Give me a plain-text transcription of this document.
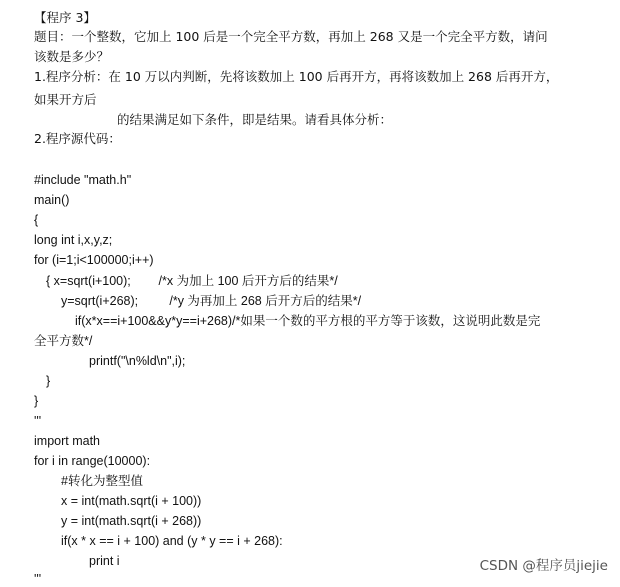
【程序 3】
题目：一个整数，它加上 100 后是一个完全平方数，再加上 268 又是一个完全平方数，请问
该数是多少？
1.程序分析：在 10 万以内判断，先将该数加上 100 后再开方，再将该数加上 268 后再开方，
如果开方后
的结果满足如下条件，即是结果。请看具体分析：
2.程序源代码：
#include "math.h"
main()
{
long int i,x,y,z;
for (i=1;i<100000;i++)
{ x=sqrt(i+100);        /*x 为加上 100 后开方后的结果*/
y=sqrt(i+268);         /*y 为再加上 268 后开方后的结果*/
if(x*x==i+100&&y*y==i+268)/*如果一个数的平方根的平方等于该数，这说明此数是完
全平方数*/
printf("\n%ld\n",i);
}
}
'''
import math
for i in range(10000):
#转化为整型值
x = int(math.sqrt(i + 100))
y = int(math.sqrt(i + 268))
if(x * x == i + 100) and (y * y == i + 268):
print i
'''
CSDN @程序员jiejie
